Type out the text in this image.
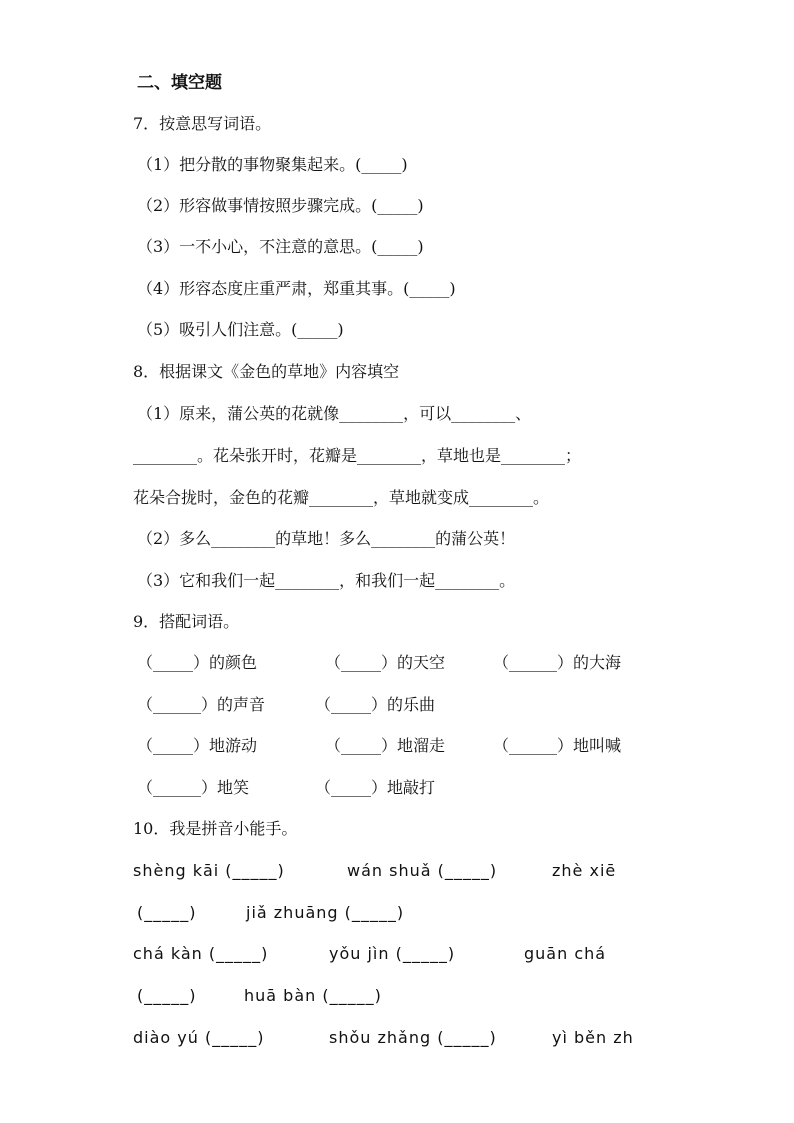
二、填空题
7．按意思写词语。
（1）把分散的事物聚集起来。(_____)
（2）形容做事情按照步骤完成。(_____)
（3）一不小心，不注意的意思。(_____)
（4）形容态度庄重严肃，郑重其事。(_____)
（5）吸引人们注意。(_____)
8．根据课文《金色的草地》内容填空
（1）原来，蒲公英的花就像________，可以________、
________。花朵张开时，花瓣是________，草地也是________；
花朵合拢时，金色的花瓣________，草地就变成________。
（2）多么________的草地！多么________的蒲公英！
（3）它和我们一起________，和我们一起________。
9．搭配词语。
（_____）的颜色	（_____）的天空	（______）的大海
（______）的声音	（_____）的乐曲
（_____）地游动	（_____）地溜走	（______）地叫喊
（______）地笑	（_____）地敲打
10．我是拼音小能手。
shèng kāi (_____)	wán shuǎ (_____)	zhè xiē
(_____)	jiǎ zhuāng (_____)
chá kàn (_____)	yǒu jìn (_____)	guān chá
(_____)	huā bàn (_____)
diào yú (_____)	shǒu zhǎng (_____)	yì běn zh
